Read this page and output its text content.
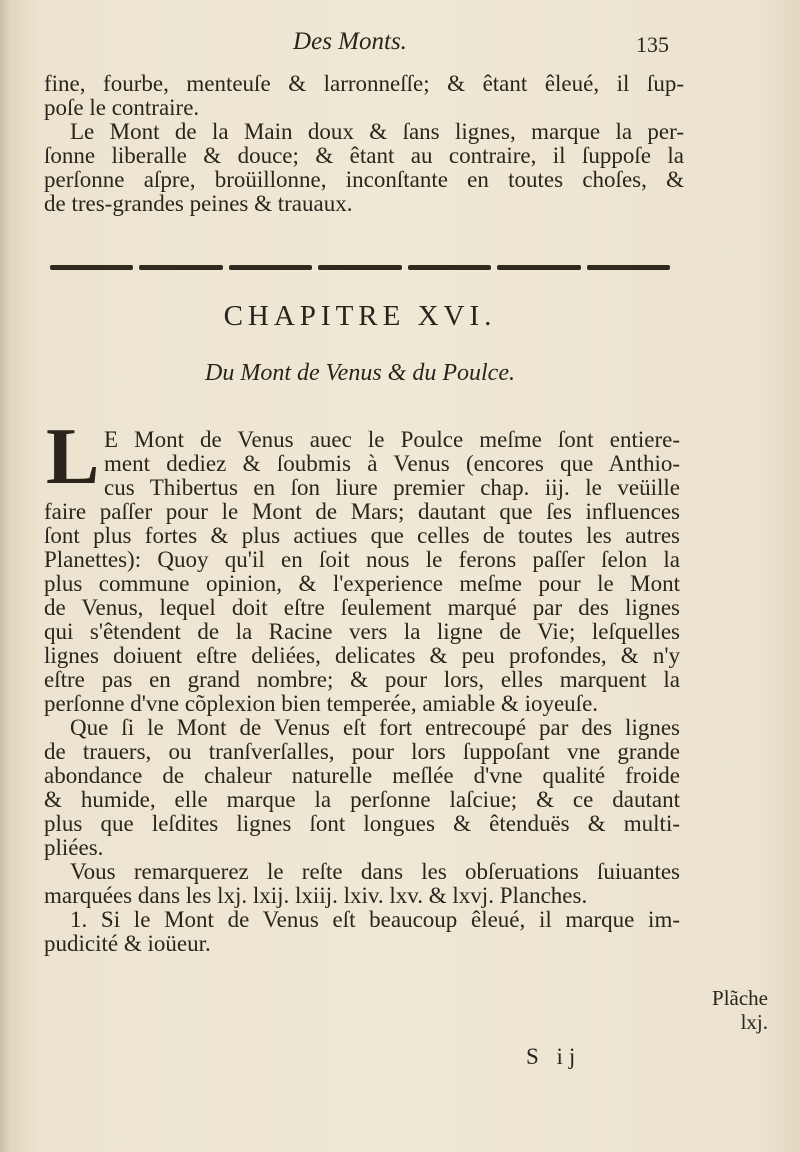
Des Monts.	135
fine, fourbe, menteuſe & larronneſſe; & êtant êleué, il ſup-
poſe le contraire.
Le Mont de la Main doux & ſans lignes, marque la per-
ſonne liberalle & douce; & êtant au contraire, il ſuppoſe la
perſonne aſpre, broüillonne, inconſtante en toutes choſes, &
de tres-grandes peines & trauaux.
CHAPITRE XVI.
Du Mont de Venus & du Poulce.
L E Mont de Venus auec le Poulce meſme ſont entiere-
ment dediez & ſoubmis à Venus (encores que Anthio-
cus Thibertus en ſon liure premier chap. iij. le veüille
faire paſſer pour le Mont de Mars; dautant que ſes influences
ſont plus fortes & plus actiues que celles de toutes les autres
Planettes): Quoy qu'il en ſoit nous le ferons paſſer ſelon la
plus commune opinion, & l'experience meſme pour le Mont
de Venus, lequel doit eſtre ſeulement marqué par des lignes
qui s'êtendent de la Racine vers la ligne de Vie; leſquelles
lignes doiuent eſtre deliées, delicates & peu profondes, & n'y
eſtre pas en grand nombre; & pour lors, elles marquent la
perſonne d'vne cõplexion bien temperée, amiable & ioyeuſe.
Que ſi le Mont de Venus eſt fort entrecoupé par des lignes
de trauers, ou tranſverſalles, pour lors ſuppoſant vne grande
abondance de chaleur naturelle meſlée d'vne qualité froide
& humide, elle marque la perſonne laſciue; & ce dautant
plus que leſdites lignes ſont longues & êtenduës & multi-
pliées.
Vous remarquerez le reſte dans les obſeruations ſuiuantes
marquées dans les lxj. lxij. lxiij. lxiv. lxv. & lxvj. Planches.
1. Si le Mont de Venus eſt beaucoup êleué, il marque im-
pudicité & ioüeur.
Plãche
lxj.
S ij
